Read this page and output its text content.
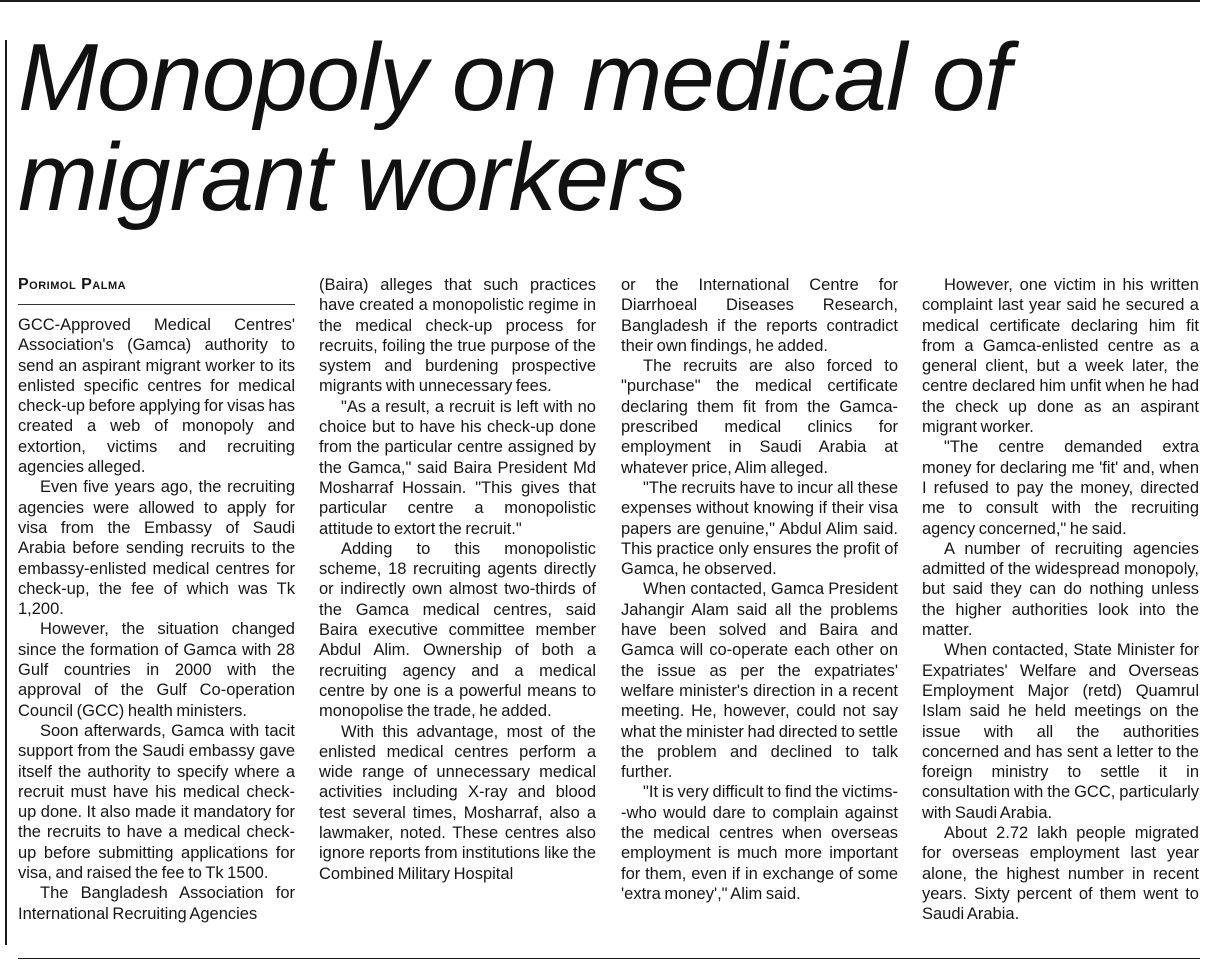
Monopoly on medical of migrant workers
Porimol Palma

GCC-Approved Medical Centres' Association's (Gamca) authority to send an aspirant migrant worker to its enlisted specific centres for medical check-up before applying for visas has created a web of monopoly and extortion, victims and recruiting agencies alleged.

Even five years ago, the recruiting agencies were allowed to apply for visa from the Embassy of Saudi Arabia before sending recruits to the embassy-enlisted medical centres for check-up, the fee of which was Tk 1,200.

However, the situation changed since the formation of Gamca with 28 Gulf countries in 2000 with the approval of the Gulf Co-operation Council (GCC) health ministers.

Soon afterwards, Gamca with tacit support from the Saudi embassy gave itself the authority to specify where a recruit must have his medical check-up done. It also made it mandatory for the recruits to have a medical check-up before submitting applications for visa, and raised the fee to Tk 1500.

The Bangladesh Association for International Recruiting Agencies

(Baira) alleges that such practices have created a monopolistic regime in the medical check-up process for recruits, foiling the true purpose of the system and burdening prospective migrants with unnecessary fees.

"As a result, a recruit is left with no choice but to have his check-up done from the particular centre assigned by the Gamca," said Baira President Md Mosharraf Hossain. "This gives that particular centre a monopolistic attitude to extort the recruit."

Adding to this monopolistic scheme, 18 recruiting agents directly or indirectly own almost two-thirds of the Gamca medical centres, said Baira executive committee member Abdul Alim. Ownership of both a recruiting agency and a medical centre by one is a powerful means to monopolise the trade, he added.

With this advantage, most of the enlisted medical centres perform a wide range of unnecessary medical activities including X-ray and blood test several times, Mosharraf, also a lawmaker, noted. These centres also ignore reports from institutions like the Combined Military Hospital

or the International Centre for Diarrhoeal Diseases Research, Bangladesh if the reports contradict their own findings, he added.

The recruits are also forced to "purchase" the medical certificate declaring them fit from the Gamca-prescribed medical clinics for employment in Saudi Arabia at whatever price, Alim alleged.

"The recruits have to incur all these expenses without knowing if their visa papers are genuine," Abdul Alim said. This practice only ensures the profit of Gamca, he observed.

When contacted, Gamca President Jahangir Alam said all the problems have been solved and Baira and Gamca will co-operate each other on the issue as per the expatriates' welfare minister's direction in a recent meeting. He, however, could not say what the minister had directed to settle the problem and declined to talk further.

"It is very difficult to find the victims--who would dare to complain against the medical centres when overseas employment is much more important for them, even if in exchange of some 'extra money'," Alim said.

However, one victim in his written complaint last year said he secured a medical certificate declaring him fit from a Gamca-enlisted centre as a general client, but a week later, the centre declared him unfit when he had the check up done as an aspirant migrant worker.

"The centre demanded extra money for declaring me 'fit' and, when I refused to pay the money, directed me to consult with the recruiting agency concerned," he said.

A number of recruiting agencies admitted of the widespread monopoly, but said they can do nothing unless the higher authorities look into the matter.

When contacted, State Minister for Expatriates' Welfare and Overseas Employment Major (retd) Quamrul Islam said he held meetings on the issue with all the authorities concerned and has sent a letter to the foreign ministry to settle it in consultation with the GCC, particularly with Saudi Arabia.

About 2.72 lakh people migrated for overseas employment last year alone, the highest number in recent years. Sixty percent of them went to Saudi Arabia.
